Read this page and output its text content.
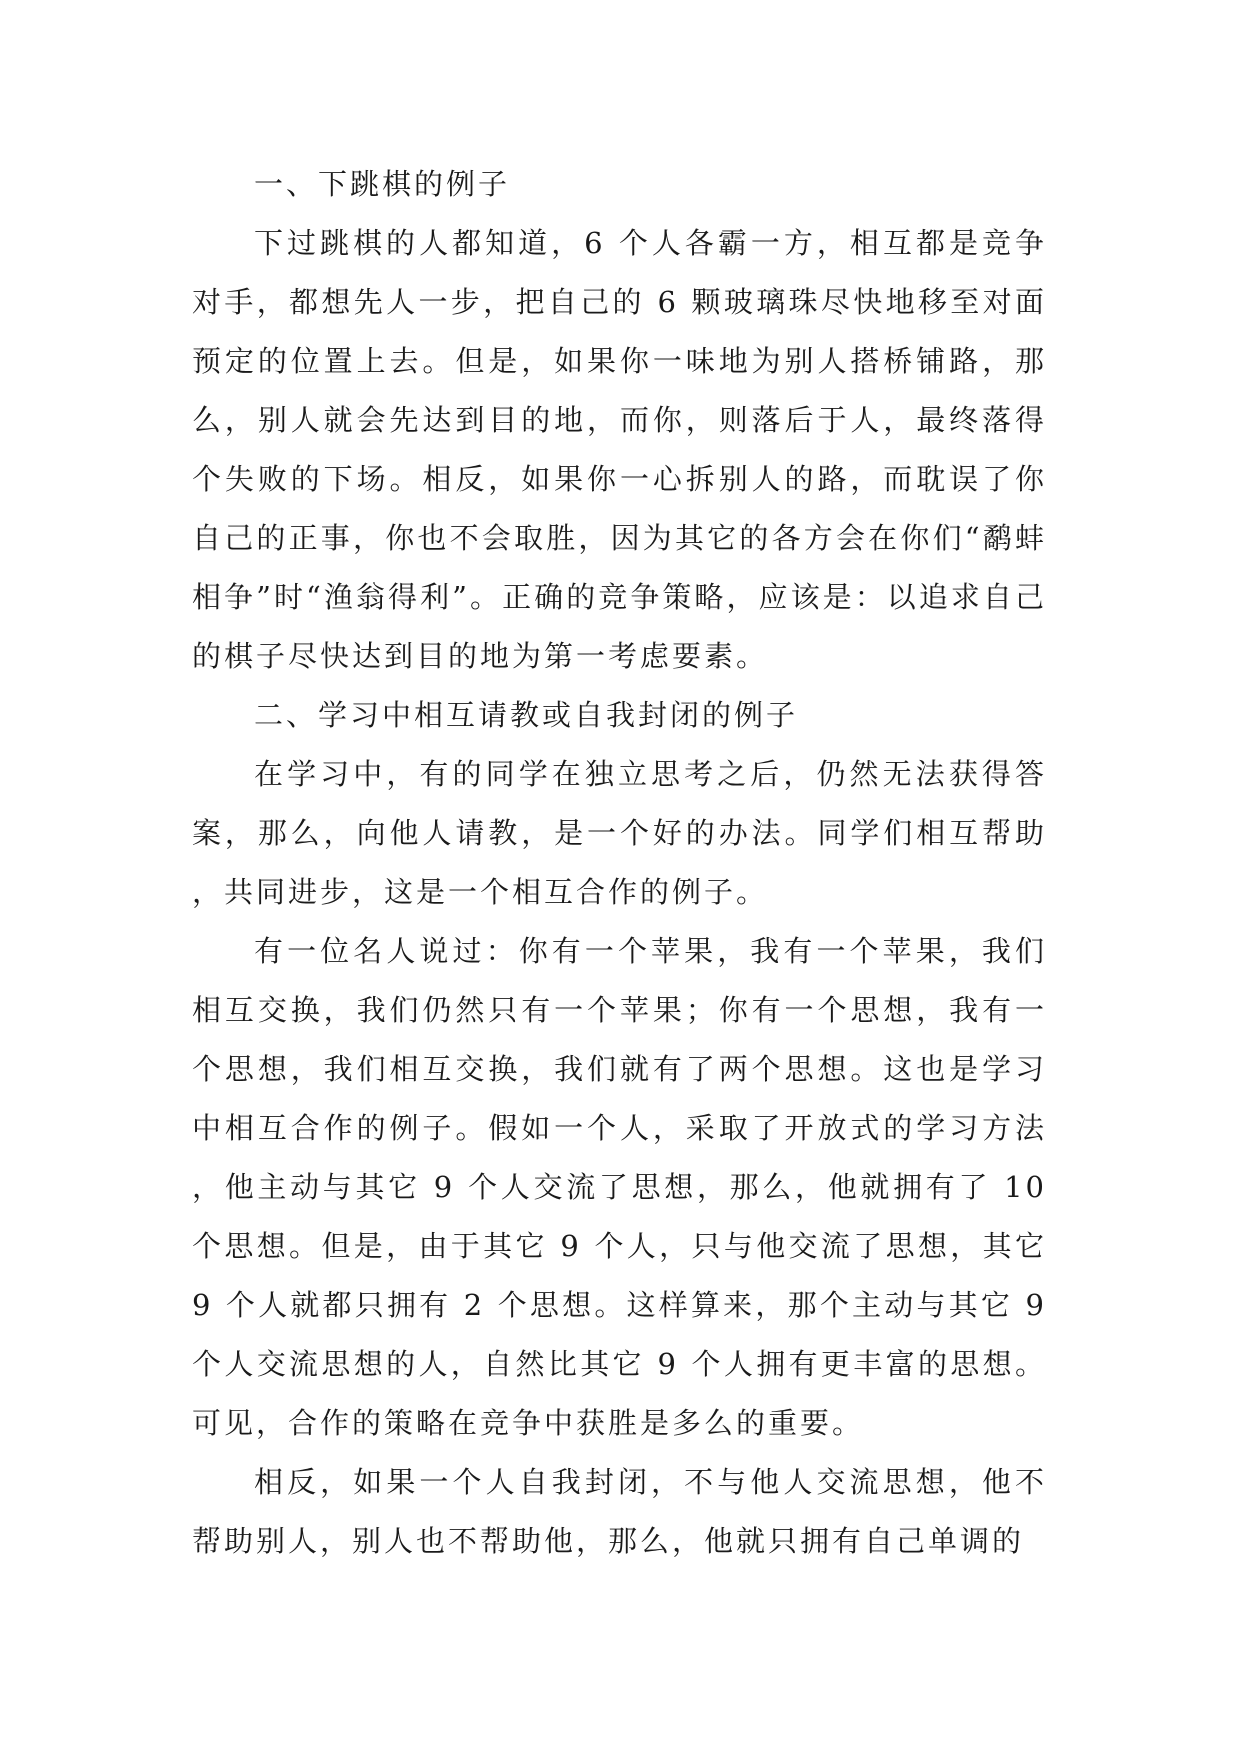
一、下跳棋的例子

下过跳棋的人都知道，6 个人各霸一方，相互都是竞争对手，都想先人一步，把自己的 6 颗玻璃珠尽快地移至对面预定的位置上去。但是，如果你一味地为别人搭桥铺路，那么，别人就会先达到目的地，而你，则落后于人，最终落得个失败的下场。相反，如果你一心拆别人的路，而耽误了你自己的正事，你也不会取胜，因为其它的各方会在你们“鹬蚌相争”时“渔翁得利”。正确的竞争策略，应该是：以追求自己的棋子尽快达到目的地为第一考虑要素。

二、学习中相互请教或自我封闭的例子

在学习中，有的同学在独立思考之后，仍然无法获得答案，那么，向他人请教，是一个好的办法。同学们相互帮助，共同进步，这是一个相互合作的例子。

有一位名人说过：你有一个苹果，我有一个苹果，我们相互交换，我们仍然只有一个苹果；你有一个思想，我有一个思想，我们相互交换，我们就有了两个思想。这也是学习中相互合作的例子。假如一个人，采取了开放式的学习方法，他主动与其它 9 个人交流了思想，那么，他就拥有了 10 个思想。但是，由于其它 9 个人，只与他交流了思想，其它 9 个人就都只拥有 2 个思想。这样算来，那个主动与其它 9 个人交流思想的人，自然比其它 9 个人拥有更丰富的思想。可见，合作的策略在竞争中获胜是多么的重要。

相反，如果一个人自我封闭，不与他人交流思想，他不帮助别人，别人也不帮助他，那么，他就只拥有自己单调的
